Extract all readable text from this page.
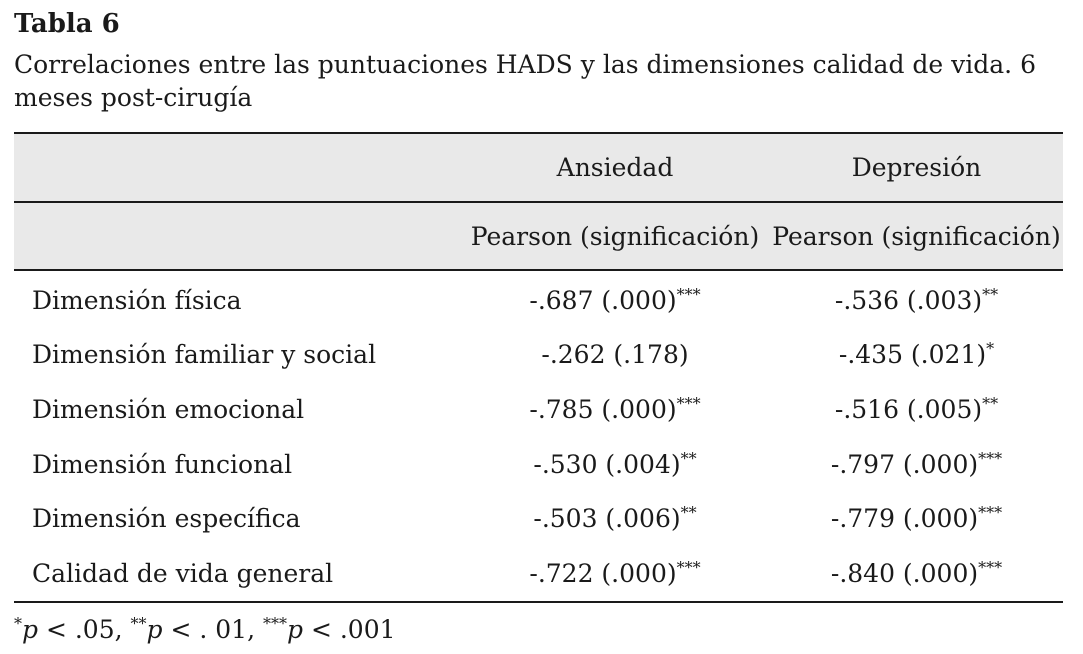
Tabla 6
Correlaciones entre las puntuaciones HADS y las dimensiones calidad de vida. 6 meses post-cirugía
	Ansiedad	Depresión
	Pearson (significación)	Pearson (significación)
Dimensión física	-.687 (.000)***	-.536 (.003)**
Dimensión familiar y social	-.262 (.178)	-.435 (.021)*
Dimensión emocional	-.785 (.000)***	-.516 (.005)**
Dimensión funcional	-.530 (.004)**	-.797 (.000)***
Dimensión específica	-.503 (.006)**	-.779 (.000)***
Calidad de vida general	-.722 (.000)***	-.840 (.000)***
*p < .05, **p < . 01, ***p < .001
